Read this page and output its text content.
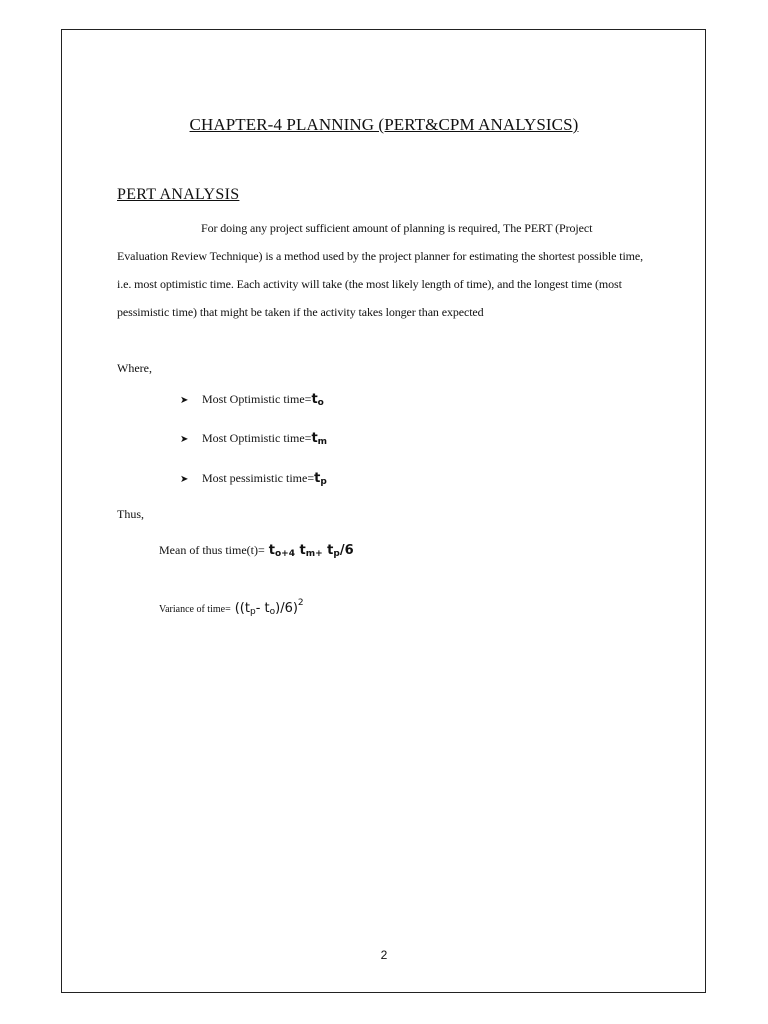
CHAPTER-4 PLANNING (PERT&CPM ANALYSICS)
PERT ANALYSIS
For doing any project sufficient amount of planning is required, The PERT (Project
Evaluation Review Technique) is a method used by the project planner for estimating the shortest possible time,
i.e. most optimistic time. Each activity will take (the most likely length of time), and the longest time (most
pessimistic time) that might be taken if the activity takes longer than expected
Where,
➤	Most Optimistic time= $t_o$
➤	Most Optimistic time= $t_m$
➤	Most pessimistic time= $t_p$
Thus,
Mean of thus time(t)= $t_{o+4}$ $t_{m+}$ $t_p/6$
Variance of time= (($t_p-$ $t_o)/6)^2$
2
